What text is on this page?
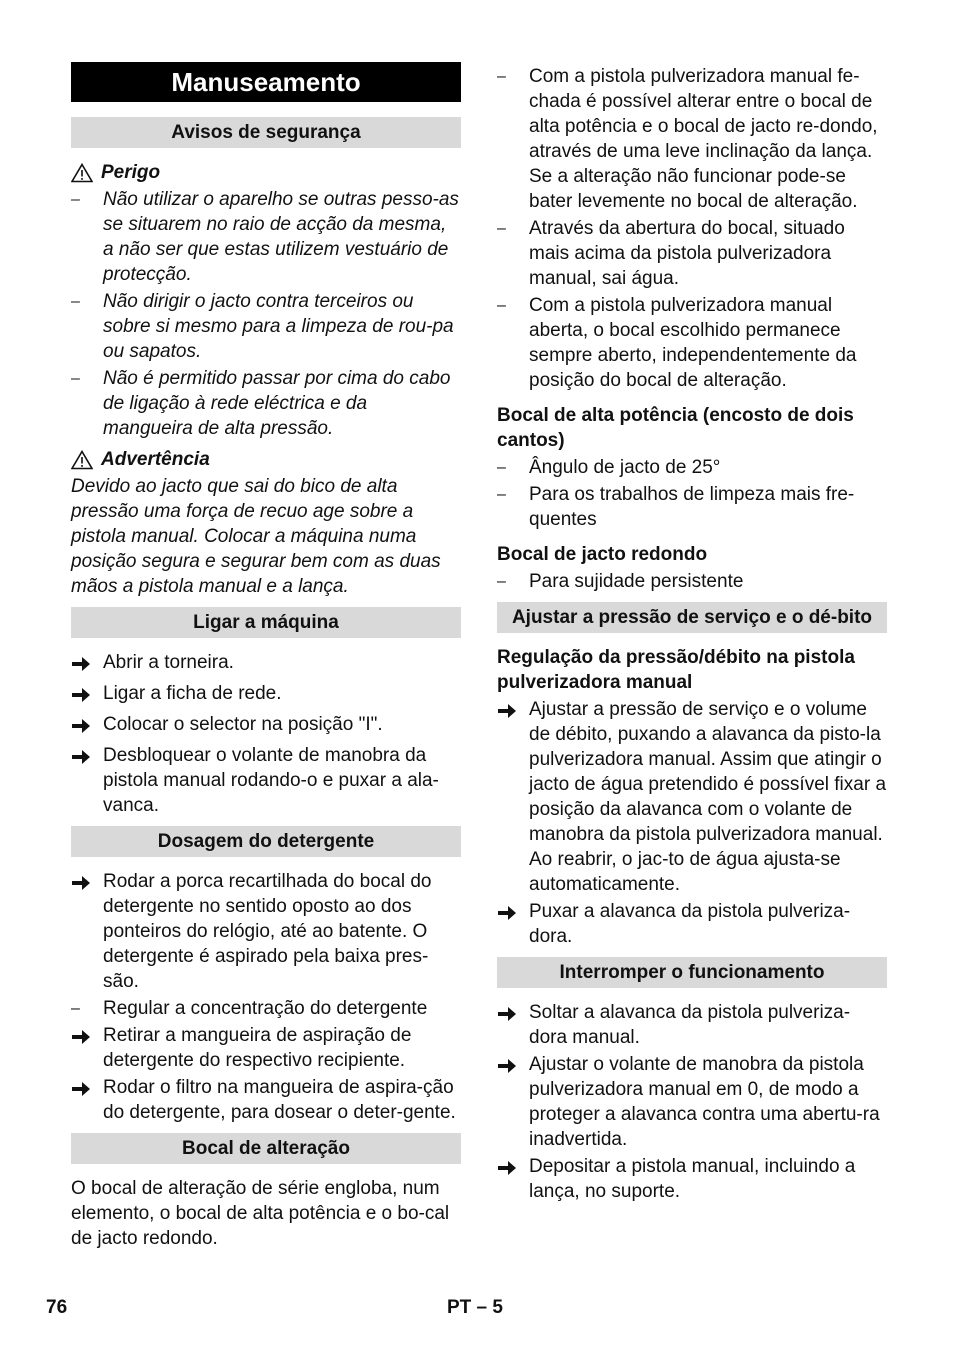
Manuseamento
Avisos de segurança
Perigo
–	Não utilizar o aparelho se outras pesso-as se situarem no raio de acção da mesma, a não ser que estas utilizem vestuário de protecção.
–	Não dirigir o jacto contra terceiros ou sobre si mesmo para a limpeza de rou-pa ou sapatos.
–	Não é permitido passar por cima do cabo de ligação à rede eléctrica e da mangueira de alta pressão.
Advertência

Devido ao jacto que sai do bico de alta pressão uma força de recuo age sobre a pistola manual. Colocar a máquina numa posição segura e segurar bem com as duas mãos a pistola manual e a lança.

Ligar a máquina
Abrir a torneira.
Ligar a ficha de rede.
Colocar o selector na posição "I".
Desbloquear o volante de manobra da pistola manual rodando-o e puxar a ala-vanca.
Dosagem do detergente
Rodar a porca recartilhada do bocal do detergente no sentido oposto ao dos ponteiros do relógio, até ao batente. O detergente é aspirado pela baixa pres-são.
–	Regular a concentração do detergente
Retirar a mangueira de aspiração de detergente do respectivo recipiente.
Rodar o filtro na mangueira de aspira-ção do detergente, para dosear o deter-gente.
Bocal de alteração

O bocal de alteração de série engloba, num elemento, o bocal de alta potência e o bo-cal de jacto redondo.

–	Com a pistola pulverizadora manual fe-chada é possível alterar entre o bocal de alta potência e o bocal de jacto re-dondo, através de uma leve inclinação da lança. Se a alteração não funcionar pode-se bater levemente no bocal de alteração.
–	Através da abertura do bocal, situado mais acima da pistola pulverizadora manual, sai água.
–	Com a pistola pulverizadora manual aberta, o bocal escolhido permanece sempre aberto, independentemente da posição do bocal de alteração.
Bocal de alta potência (encosto de dois cantos)
–	Ângulo de jacto de 25°
–	Para os trabalhos de limpeza mais fre-quentes
Bocal de jacto redondo
–	Para sujidade persistente
Ajustar a pressão de serviço e o dé-bito
Regulação da pressão/débito na pistola pulverizadora manual
Ajustar a pressão de serviço e o volume de débito, puxando a alavanca da pisto-la pulverizadora manual. Assim que atingir o jacto de água pretendido é possível fixar a posição da alavanca com o volante de manobra da pistola pulverizadora manual. Ao reabrir, o jac-to de água ajusta-se automaticamente.
Puxar a alavanca da pistola pulveriza-dora.
Interromper o funcionamento
Soltar a alavanca da pistola pulveriza-dora manual.
Ajustar o volante de manobra da pistola pulverizadora manual em 0, de modo a proteger a alavanca contra uma abertu-ra inadvertida.
Depositar a pistola manual, incluindo a lança, no suporte.
76	PT – 5
